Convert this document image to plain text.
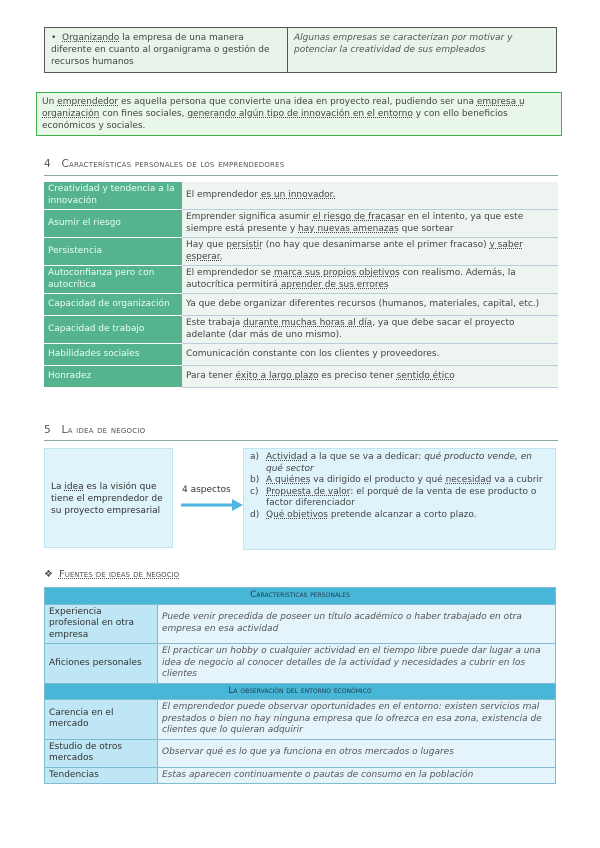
•  Organizando la empresa de una manera diferente en cuanto al organigrama o gestión de recursos humanos	Algunas empresas se caracterizan por motivar y potenciar la creatividad de sus empleados
Un emprendedor es aquella persona que convierte una idea en proyecto real, pudiendo ser una empresa u organización con fines sociales, generando algún tipo de innovación en el entorno y con ello beneficios económicos y sociales.
4 Características personales de los emprendedores
Creatividad y tendencia a la innovación	El emprendedor es un innovador.
Asumir el riesgo	Emprender significa asumir el riesgo de fracasar en el intento, ya que este siempre está presente y hay nuevas amenazas que sortear
Persistencia	Hay que persistir (no hay que desanimarse ante el primer fracaso) y saber esperar.
Autoconfianza pero con autocrítica	El emprendedor se marca sus propios objetivos con realismo. Además, la autocrítica permitirá aprender de sus errores
Capacidad de organización	Ya que debe organizar diferentes recursos (humanos, materiales, capital, etc.)
Capacidad de trabajo	Este trabaja durante muchas horas al día, ya que debe sacar el proyecto adelante (dar más de uno mismo).
Habilidades sociales	Comunicación constante con los clientes y proveedores.
Honradez	Para tener éxito a largo plazo es preciso tener sentido ético
5 La idea de negocio
La idea es la visión que tiene el emprendedor de su proyecto empresarial
4 aspectos
a) Actividad a la que se va a dedicar: qué producto vende, en qué sector
b) A quiénes va dirigido el producto y qué necesidad va a cubrir
c) Propuesta de valor: el porqué de la venta de ese producto o factor diferenciador
d) Qué objetivos pretende alcanzar a corto plazo.
❖ Fuentes de ideas de negocio
Características personales	
Experiencia profesional en otra empresa	Puede venir precedida de poseer un título académico o haber trabajado en otra empresa en esa actividad
Aficiones personales	El practicar un hobby o cualquier actividad en el tiempo libre puede dar lugar a una idea de negocio al conocer detalles de la actividad y necesidades a cubrir en los clientes
La observación del entorno económico	
Carencia en el mercado	El emprendedor puede observar oportunidades en el entorno: existen servicios mal prestados o bien no hay ninguna empresa que lo ofrezca en esa zona, existencia de clientes que lo quieran adquirir
Estudio de otros mercados	Observar qué es lo que ya funciona en otros mercados o lugares
Tendencias	Estas aparecen continuamente o pautas de consumo en la población
